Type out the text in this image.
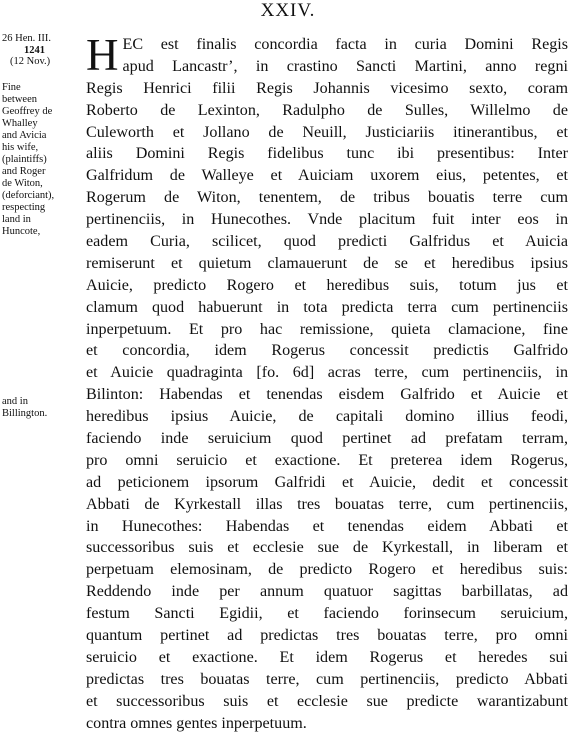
XXIV.
26 Hen. III.
1241
(12 Nov.)
Fine
between
Geoffrey de
Whalley
and Avicia
his wife,
(plaintiffs)
and Roger
de Witon,
(deforciant),
respecting
land in
Huncote,
and in
Billington.
H EC est finalis concordia facta in curia Domini Regis
apud Lancastr’, in crastino Sancti Martini, anno regni
Regis Henrici filii Regis Johannis vicesimo sexto, coram
Roberto de Lexinton, Radulpho de Sulles, Willelmo de
Culeworth et Jollano de Neuill, Justiciariis itinerantibus, et
aliis Domini Regis fidelibus tunc ibi presentibus: Inter
Galfridum de Walleye et Auiciam uxorem eius, petentes, et
Rogerum de Witon, tenentem, de tribus bouatis terre cum
pertinenciis, in Hunecothes. Vnde placitum fuit inter eos in
eadem Curia, scilicet, quod predicti Galfridus et Auicia
remiserunt et quietum clamauerunt de se et heredibus ipsius
Auicie, predicto Rogero et heredibus suis, totum jus et
clamum quod habuerunt in tota predicta terra cum pertinenciis
inperpetuum. Et pro hac remissione, quieta clamacione, fine
et concordia, idem Rogerus concessit predictis Galfrido
et Auicie quadraginta [fo. 6d] acras terre, cum pertinenciis, in
Bilinton: Habendas et tenendas eisdem Galfrido et Auicie et
heredibus ipsius Auicie, de capitali domino illius feodi,
faciendo inde seruicium quod pertinet ad prefatam terram,
pro omni seruicio et exactione. Et preterea idem Rogerus,
ad peticionem ipsorum Galfridi et Auicie, dedit et concessit
Abbati de Kyrkestall illas tres bouatas terre, cum pertinenciis,
in Hunecothes: Habendas et tenendas eidem Abbati et
successoribus suis et ecclesie sue de Kyrkestall, in liberam et
perpetuam elemosinam, de predicto Rogero et heredibus suis:
Reddendo inde per annum quatuor sagittas barbillatas, ad
festum Sancti Egidii, et faciendo forinsecum seruicium,
quantum pertinet ad predictas tres bouatas terre, pro omni
seruicio et exactione. Et idem Rogerus et heredes sui
predictas tres bouatas terre, cum pertinenciis, predicto Abbati
et successoribus suis et ecclesie sue predicte warantizabunt
contra omnes gentes inperpetuum.
